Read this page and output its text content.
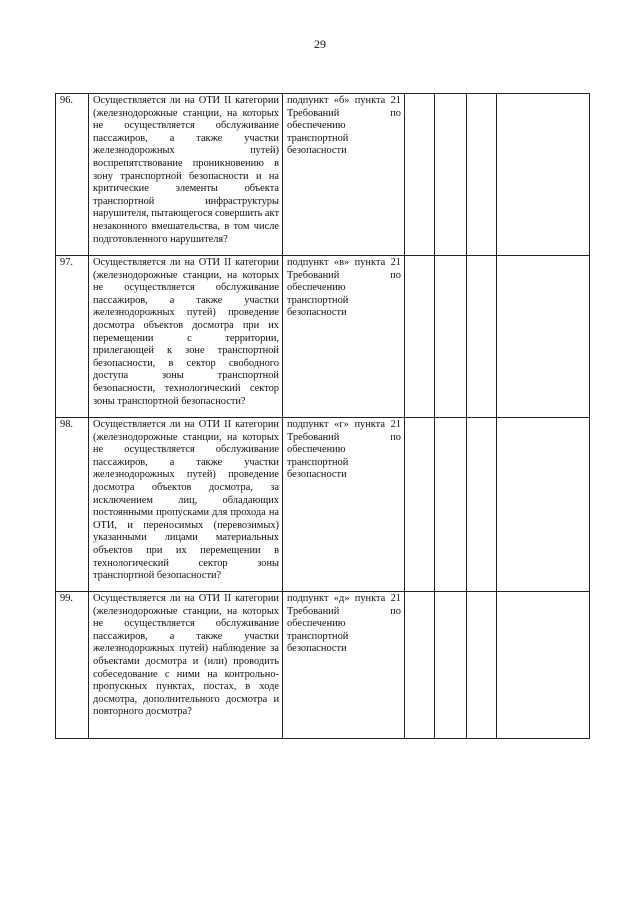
29
96.	Осуществляется ли на ОТИ II категории (железнодорожные станции, на которых не осуществляется обслуживание пассажиров, а также участки железнодорожных путей) воспрепятствование проникновению в зону транспортной безопасности и на критические элементы объекта транспортной инфраструктуры нарушителя, пытающегося совершить акт незаконного вмешательства, в том числе подготовленного нарушителя?	подпункт «б» пункта 21 Требований по обеспечению транспортной безопасности				
97.	Осуществляется ли на ОТИ II категории (железнодорожные станции, на которых не осуществляется обслуживание пассажиров, а также участки железнодорожных путей) проведение досмотра объектов досмотра при их перемещении с территории, прилегающей к зоне транспортной безопасности, в сектор свободного доступа зоны транспортной безопасности, технологический сектор зоны транспортной безопасности?	подпункт «в» пункта 21 Требований по обеспечению транспортной безопасности				
98.	Осуществляется ли на ОТИ II категории (железнодорожные станции, на которых не осуществляется обслуживание пассажиров, а также участки железнодорожных путей) проведение досмотра объектов досмотра, за исключением лиц, обладающих постоянными пропусками для прохода на ОТИ, и переносимых (перевозимых) указанными лицами материальных объектов при их перемещении в технологический сектор зоны транспортной безопасности?	подпункт «г» пункта 21 Требований по обеспечению транспортной безопасности				
99.	Осуществляется ли на ОТИ II категории (железнодорожные станции, на которых не осуществляется обслуживание пассажиров, а также участки железнодорожных путей) наблюдение за объектами досмотра и (или) проводить собеседование с ними на контрольно-пропускных пунктах, постах, в ходе досмотра, дополнительного досмотра и повторного досмотра?	подпункт «д» пункта 21 Требований по обеспечению транспортной безопасности				
